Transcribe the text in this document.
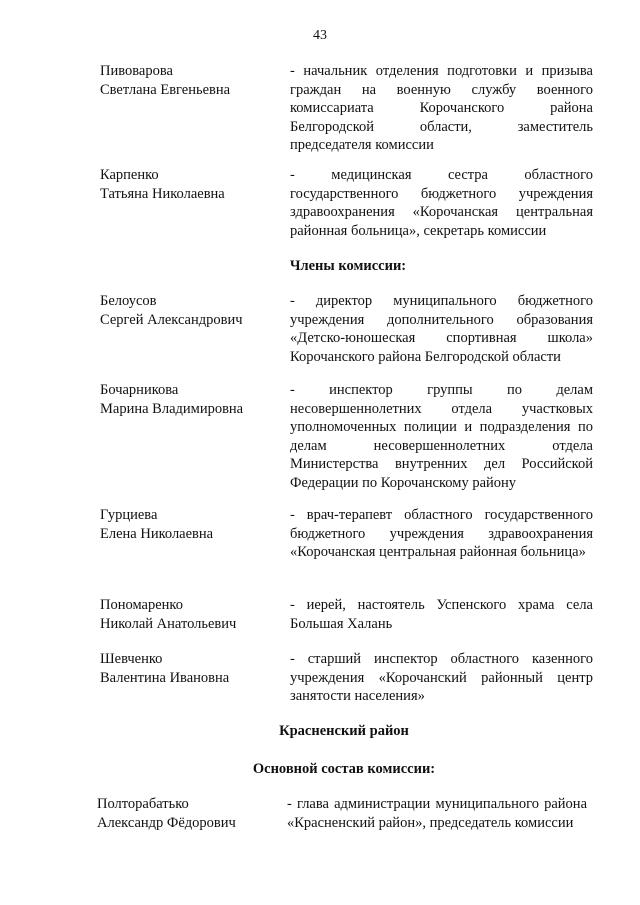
43
Пивоварова
Светлана Евгеньевна
- начальник отделения подготовки и призыва граждан на военную службу военного комиссариата Корочанского района Белгородской области, заместитель председателя комиссии
Карпенко
Татьяна Николаевна
- медицинская сестра областного государственного бюджетного учреждения здравоохранения «Корочанская центральная районная больница», секретарь комиссии
Члены комиссии:
Белоусов
Сергей Александрович
- директор муниципального бюджетного учреждения дополнительного образования «Детско-юношеская спортивная школа» Корочанского района Белгородской области
Бочарникова
Марина Владимировна
- инспектор группы по делам несовершеннолетних отдела участковых уполномоченных полиции и подразделения по делам несовершеннолетних отдела Министерства внутренних дел Российской Федерации по Корочанскому району
Гурциева
Елена Николаевна
- врач-терапевт областного государственного бюджетного учреждения здравоохранения «Корочанская центральная районная больница»
Пономаренко
Николай Анатольевич
- иерей, настоятель Успенского храма села Большая Халань
Шевченко
Валентина Ивановна
- старший инспектор областного казенного учреждения «Корочанский районный центр занятости населения»
Красненский район
Основной состав комиссии:
Полторабатько
Александр Фёдорович
- глава администрации муниципального района «Красненский район», председатель комиссии
